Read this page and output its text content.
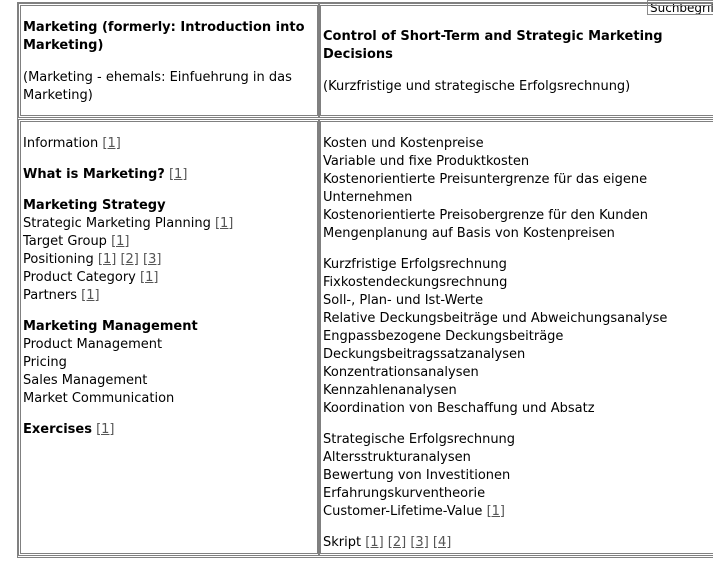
Suchbegriff
Marketing (formerly: Introduction into Marketing)
(Marketing - ehemals: Einfuehrung in das Marketing)
Control of Short-Term and Strategic Marketing Decisions
(Kurzfristige und strategische Erfolgsrechnung)
Information [1]
What is Marketing? [1]
Marketing Strategy
Strategic Marketing Planning [1]
Target Group [1]
Positioning [1] [2] [3]
Product Category [1]
Partners [1]
Marketing Management
Product Management
Pricing
Sales Management
Market Communication
Exercises [1]
Kosten und Kostenpreise
Variable und fixe Produktkosten
Kostenorientierte Preisuntergrenze für das eigene
Unternehmen
Kostenorientierte Preisobergrenze für den Kunden
Mengenplanung auf Basis von Kostenpreisen
Kurzfristige Erfolgsrechnung
Fixkostendeckungsrechnung
Soll-, Plan- und Ist-Werte
Relative Deckungsbeiträge und Abweichungsanalyse
Engpassbezogene Deckungsbeiträge
Deckungsbeitragssatzanalysen
Konzentrationsanalysen
Kennzahlenanalysen
Koordination von Beschaffung und Absatz
Strategische Erfolgsrechnung
Altersstrukturanalysen
Bewertung von Investitionen
Erfahrungskurventheorie
Customer-Lifetime-Value [1]
Skript [1] [2] [3] [4]
